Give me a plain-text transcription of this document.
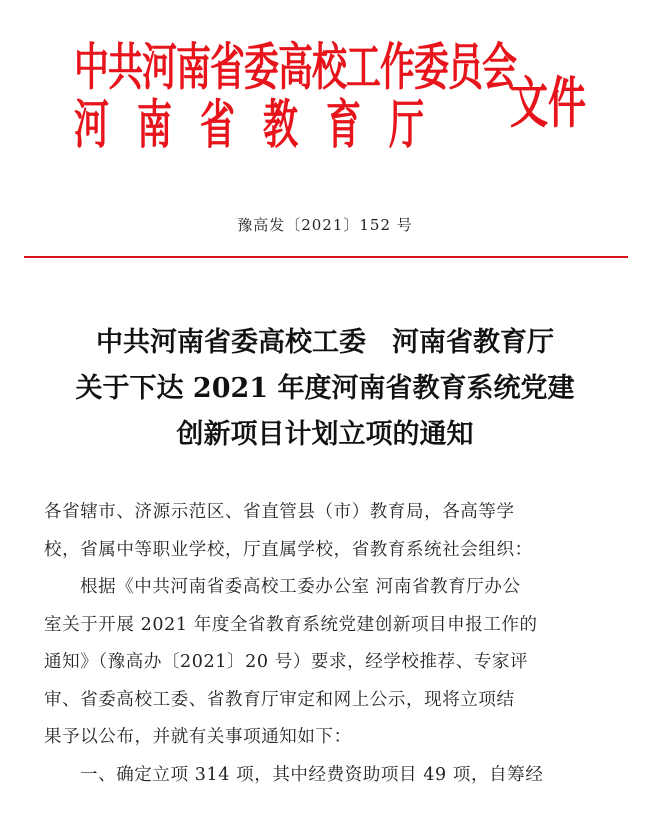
中共河南省委高校工作委员会
河南省教育厅 文件
豫高发〔2021〕152 号
中共河南省委高校工委 河南省教育厅
关于下达 2021 年度河南省教育系统党建
创新项目计划立项的通知

各省辖市、济源示范区、省直管县（市）教育局，各高等学

校，省属中等职业学校，厅直属学校，省教育系统社会组织：

根据《中共河南省委高校工委办公室 河南省教育厅办公

室关于开展 2021 年度全省教育系统党建创新项目申报工作的

通知》（豫高办〔2021〕20 号）要求，经学校推荐、专家评

审、省委高校工委、省教育厅审定和网上公示，现将立项结

果予以公布，并就有关事项通知如下：

一、确定立项 314 项，其中经费资助项目 49 项，自筹经
